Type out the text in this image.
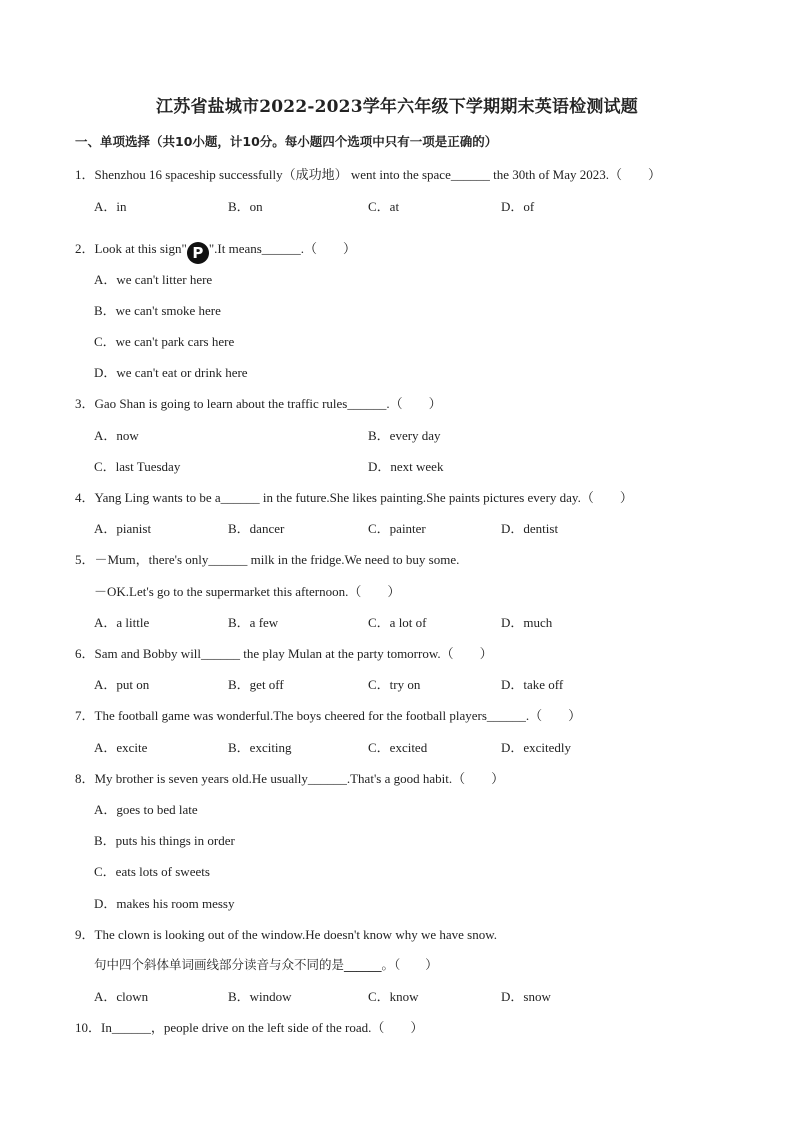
江苏省盐城市2022-2023学年六年级下学期期末英语检测试题
一、单项选择（共10小题，计10分。每小题四个选项中只有一项是正确的）
1．Shenzhou 16 spaceship successfully（成功地） went into the space______ the 30th of May 2023.（　　）
A．in	B．on	C．at	D．of
2．Look at this sign" P ".It means______.（　　）
A．we can't litter here
B．we can't smoke here
C．we can't park cars here
D．we can't eat or drink here
3．Gao Shan is going to learn about the traffic rules______.（　　）
A．now	B．every day
C．last Tuesday	D．next week
4．Yang Ling wants to be a______ in the future.She likes painting.She paints pictures every day.（　　）
A．pianist	B．dancer	C．painter	D．dentist
5．－Mum，there's only______ milk in the fridge.We need to buy some.
－OK.Let's go to the supermarket this afternoon.（　　）
A．a little	B．a few	C．a lot of	D．much
6．Sam and Bobby will______ the play Mulan at the party tomorrow.（　　）
A．put on	B．get off	C．try on	D．take off
7．The football game was wonderful.The boys cheered for the football players______.（　　）
A．excite	B．exciting	C．excited	D．excitedly
8．My brother is seven years old.He usually______.That's a good habit.（　　）
A．goes to bed late
B．puts his things in order
C．eats lots of sweets
D．makes his room messy
9．The clown is looking out of the window.He doesn't know why we have snow.
句中四个斜体单词画线部分读音与众不同的是______。（　　）
A．clown	B．window	C．know	D．snow
10．In______，people drive on the left side of the road.（　　）
